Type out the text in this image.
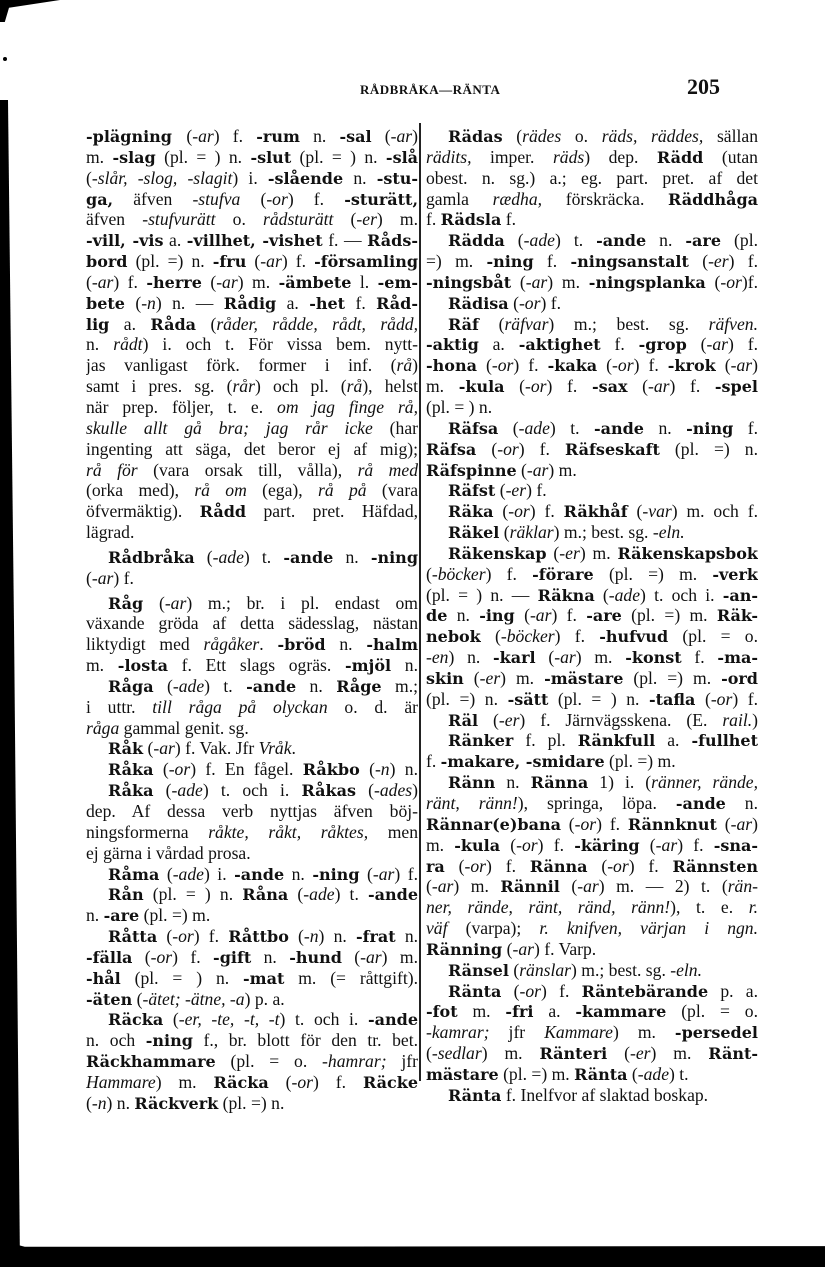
RÅDBRÅKA—RÄNTA	205
-plägning (-ar) f. -rum n. -sal (-ar)
m. -slag (pl. = ) n. -slut (pl. = ) n. -slå
(-slår, -slog, -slagit) i. -slående n. -stu-
ga, äfven -stufva (-or) f. -sturätt,
äfven -stufvurätt o. rådsturätt (-er) m.
-vill, -vis a. -villhet, -vishet f. — Råds-
bord (pl. =) n. -fru (-ar) f. -församling
(-ar) f. -herre (-ar) m. -ämbete l. -em-
bete (-n) n. — Rådig a. -het f. Råd-
lig a. Råda (råder, rådde, rådt, rådd,
n. rådt) i. och t. För vissa bem. nytt-
jas vanligast förk. former i inf. (rå)
samt i pres. sg. (rår) och pl. (rå), helst
när prep. följer, t. e. om jag finge rå,
skulle allt gå bra; jag rår icke (har
ingenting att säga, det beror ej af mig);
rå för (vara orsak till, vålla), rå med
(orka med), rå om (ega), rå på (vara
öfvermäktig). Rådd part. pret. Häfdad,
lägrad.
Rådbråka (-ade) t. -ande n. -ning
(-ar) f.
Råg (-ar) m.; br. i pl. endast om
växande gröda af detta sädesslag, nästan
liktydigt med rågåker. -bröd n. -halm
m. -losta f. Ett slags ogräs. -mjöl n.
Råga (-ade) t. -ande n. Råge m.;
i uttr. till råga på olyckan o. d. är
råga gammal genit. sg.
Råk (-ar) f. Vak. Jfr Vråk.
Råka (-or) f. En fågel. Råkbo (-n) n.
Råka (-ade) t. och i. Råkas (-ades)
dep. Af dessa verb nyttjas äfven böj-
ningsformerna råkte, råkt, råktes, men
ej gärna i vårdad prosa.
Råma (-ade) i. -ande n. -ning (-ar) f.
Rån (pl. = ) n. Råna (-ade) t. -ande
n. -are (pl. =) m.
Råtta (-or) f. Råttbo (-n) n. -frat n.
-fälla (-or) f. -gift n. -hund (-ar) m.
-hål (pl. = ) n. -mat m. (= råttgift).
-äten (-ätet; -ätne, -a) p. a.
Räcka (-er, -te, -t, -t) t. och i. -ande
n. och -ning f., br. blott för den tr. bet.
Räckhammare (pl. = o. -hamrar; jfr
Hammare) m. Räcka (-or) f. Räcke
(-n) n. Räckverk (pl. =) n.
Rädas (rädes o. räds, räddes, sällan
rädits, imper. räds) dep. Rädd (utan
obest. n. sg.) a.; eg. part. pret. af det
gamla rædha, förskräcka. Räddhåga
f. Rädsla f.
Rädda (-ade) t. -ande n. -are (pl.
=) m. -ning f. -ningsanstalt (-er) f.
-ningsbåt (-ar) m. -ningsplanka (-or)f.
Rädisa (-or) f.
Räf (räfvar) m.; best. sg. räfven.
-aktig a. -aktighet f. -grop (-ar) f.
-hona (-or) f. -kaka (-or) f. -krok (-ar)
m. -kula (-or) f. -sax (-ar) f. -spel
(pl. = ) n.
Räfsa (-ade) t. -ande n. -ning f.
Räfsa (-or) f. Räfseskaft (pl. =) n.
Räfspinne (-ar) m.
Räfst (-er) f.
Räka (-or) f. Räkhåf (-var) m. och f.
Räkel (räklar) m.; best. sg. -eln.
Räkenskap (-er) m. Räkenskapsbok
(-böcker) f. -förare (pl. =) m. -verk
(pl. = ) n. — Räkna (-ade) t. och i. -an-
de n. -ing (-ar) f. -are (pl. =) m. Räk-
nebok (-böcker) f. -hufvud (pl. = o.
-en) n. -karl (-ar) m. -konst f. -ma-
skin (-er) m. -mästare (pl. =) m. -ord
(pl. =) n. -sätt (pl. = ) n. -tafla (-or) f.
Räl (-er) f. Järnvägsskena. (E. rail.)
Ränker f. pl. Ränkfull a. -fullhet
f. -makare, -smidare (pl. =) m.
Ränn n. Ränna 1) i. (ränner, rände,
ränt, ränn!), springa, löpa. -ande n.
Rännar(e)bana (-or) f. Rännknut (-ar)
m. -kula (-or) f. -käring (-ar) f. -sna-
ra (-or) f. Ränna (-or) f. Rännsten
(-ar) m. Rännil (-ar) m. — 2) t. (rän-
ner, rände, ränt, ränd, ränn!), t. e. r.
väf (varpa); r. knifven, värjan i ngn.
Ränning (-ar) f. Varp.
Ränsel (ränslar) m.; best. sg. -eln.
Ränta (-or) f. Räntebärande p. a.
-fot m. -fri a. -kammare (pl. = o.
-kamrar; jfr Kammare) m. -persedel
(-sedlar) m. Ränteri (-er) m. Ränt-
mästare (pl. =) m. Ränta (-ade) t.
Ränta f. Inelfvor af slaktad boskap.
